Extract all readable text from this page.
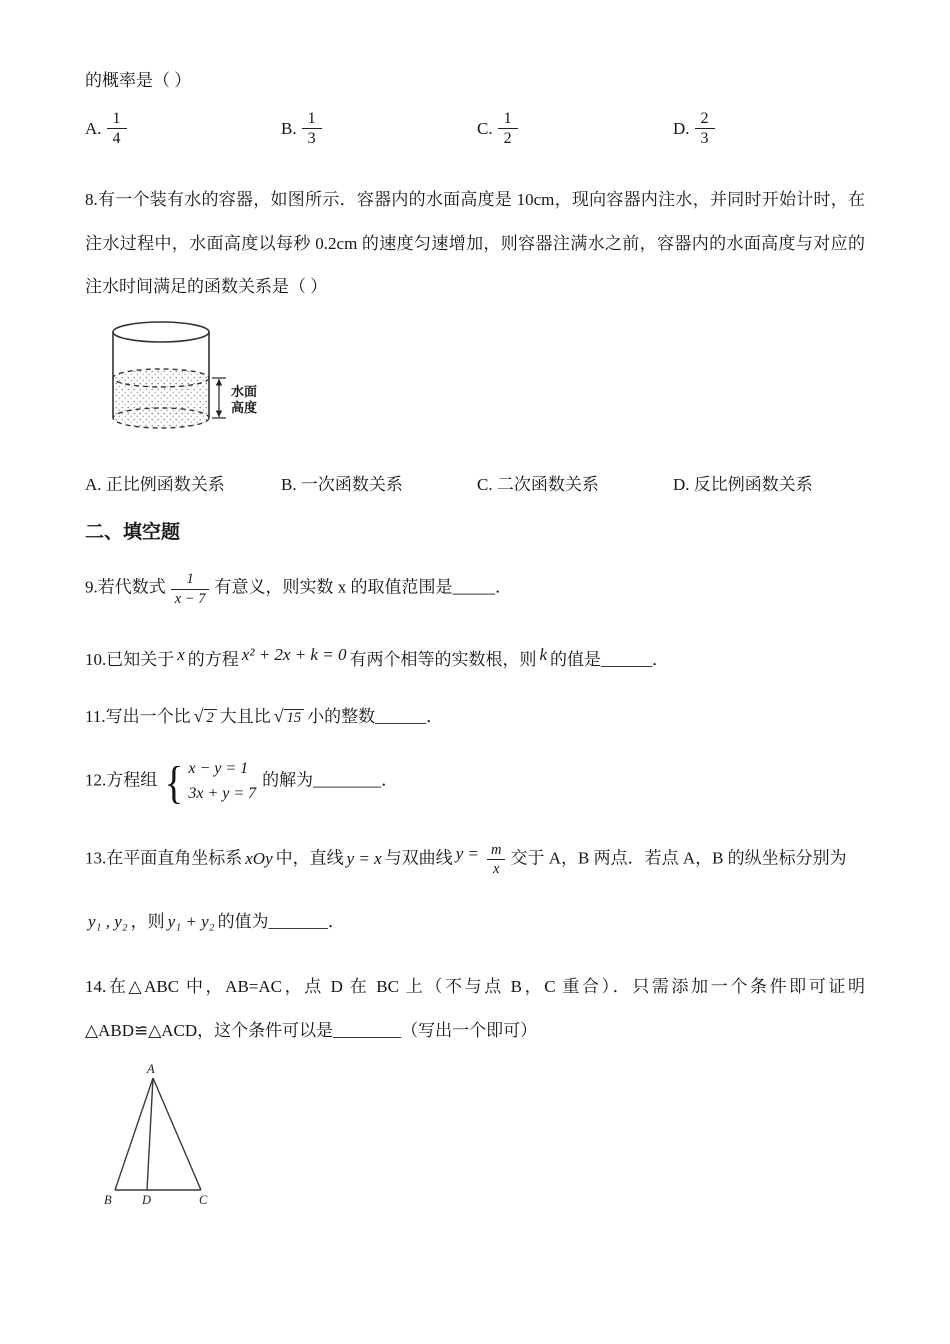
的概率是（ ）

A. $\frac{1}{4}$	B. $\frac{1}{3}$	C. $\frac{1}{2}$	D. $\frac{2}{3}$

8.有一个装有水的容器，如图所示．容器内的水面高度是 10cm，现向容器内注水，并同时开始计时，在注水过程中，水面高度以每秒 0.2cm 的速度匀速增加，则容器注满水之前，容器内的水面高度与对应的注水时间满足的函数关系是（ ）

水面
高度
A. 正比例函数关系	B. 一次函数关系	C. 二次函数关系	D. 反比例函数关系
二、填空题
9.若代数式 $\frac{1}{x - 7}$ 有意义，则实数 x 的取值范围是_____．
10.已知关于 x 的方程 x² + 2x + k = 0 有两个相等的实数根，则 k 的值是______．
11.写出一个比 √ 2 大且比 √ 15 小的整数______．
12.方程组 { x − y = 1
3x + y = 7
的解为________．
13.在平面直角坐标系 xOy 中，直线 y = x 与双曲线 $y = \frac{m}{x}$ 交于 A，B 两点．若点 A，B 的纵坐标分别为
y₁ , y₂ ，则 y₁ + y₂ 的值为_______．

14.在△ABC 中，AB=AC，点 D 在 BC 上（不与点 B，C 重合）．只需添加一个条件即可证明△ABD≌△ACD，这个条件可以是________（写出一个即可）

A
B D	C
